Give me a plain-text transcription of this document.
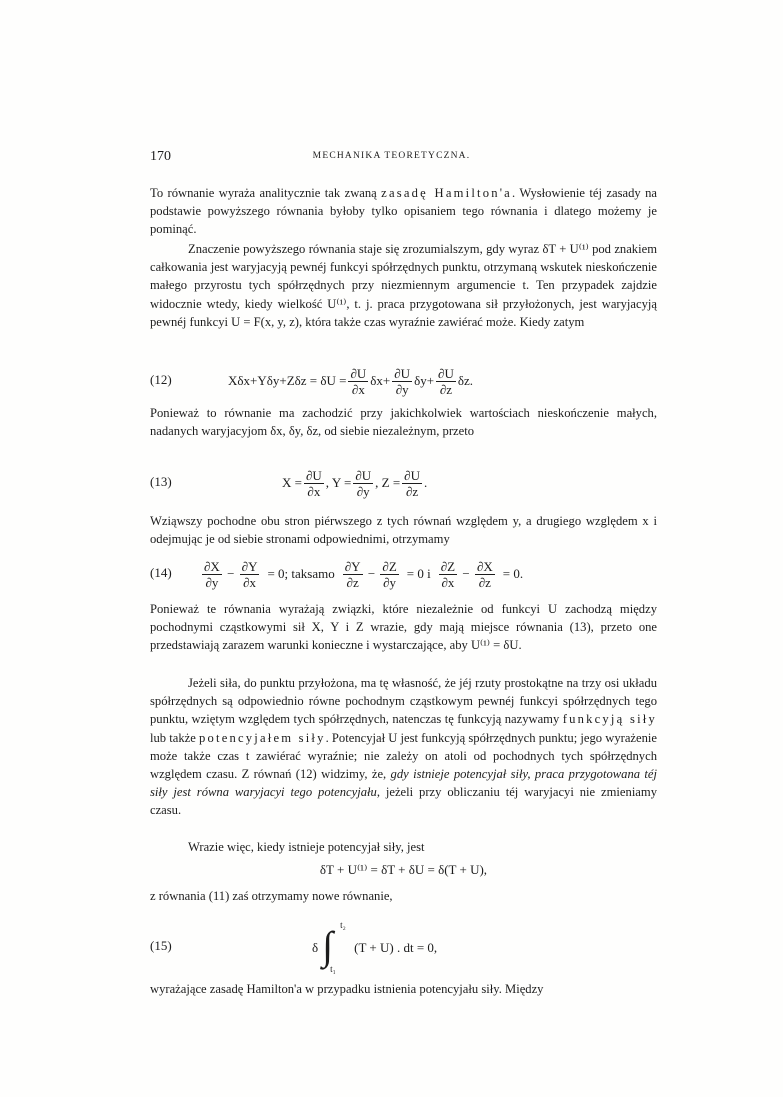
170	MECHANIKA TEORETYCZNA.
To równanie wyraża analitycznie tak zwaną zasadę Hamilton'a. Wysłowienie téj zasady na podstawie powyższego równania byłoby tylko opisaniem tego równania i dlatego możemy je pominąć.
Znaczenie powyższego równania staje się zrozumialszym, gdy wyraz δT + U⁽¹⁾ pod znakiem całkowania jest waryjacyją pewnéj funkcyi spółrzędnych punktu, otrzymaną wskutek nieskończenie małego przyrostu tych spółrzędnych przy niezmiennym argumencie t. Ten przypadek zajdzie widocznie wtedy, kiedy wielkość U⁽¹⁾, t. j. praca przygotowana sił przyłożonych, jest waryjacyją pewnéj funkcyi U = F(x, y, z), która także czas wyraźnie zawiérać może. Kiedy zatym
(12)	$X\delta x+Y\delta y+Z\delta z = \delta U = \frac{\partial U}{\partial x} \delta x+ \frac{\partial U}{\partial y} \delta y+ \frac{\partial U}{\partial z} \delta z$.
Ponieważ to równanie ma zachodzić przy jakichkolwiek wartościach nieskończenie małych, nadanych waryjacyjom δx, δy, δz, od siebie niezależnym, przeto
(13)	$X = \frac{\partial U}{\partial x}$ , $Y = \frac{\partial U}{\partial y}$ , $Z = \frac{\partial U}{\partial z}$ .
Wziąwszy pochodne obu stron piérwszego z tych równań względem y, a drugiego względem x i odejmując je od siebie stronami odpowiednimi, otrzymamy
$(14) \frac{\partial X}{\partial y} - \frac{\partial Y}{\partial x} = 0$; taksamo $\frac{\partial Y}{\partial z} - \frac{\partial Z}{\partial y} = 0$ i $\frac{\partial Z}{\partial x} - \frac{\partial X}{\partial z} = 0$.
Ponieważ te równania wyrażają związki, które niezależnie od funkcyi U zachodzą między pochodnymi cząstkowymi sił X, Y i Z wrazie, gdy mają miejsce równania (13), przeto one przedstawiają zarazem warunki konieczne i wystarczające, aby U⁽¹⁾ = δU.
Jeżeli siła, do punktu przyłożona, ma tę własność, że jéj rzuty prostokątne na trzy osi układu spółrzędnych są odpowiednio równe pochodnym cząstkowym pewnéj funkcyi spółrzędnych tego punktu, wziętym względem tych spółrzędnych, natenczas tę funkcyją nazywamy funkcyją siły lub także potencyjałem siły. Potencyjał U jest funkcyją spółrzędnych punktu; jego wyrażenie może także czas t zawiérać wyraźnie; nie zależy on atoli od pochodnych tych spółrzędnych względem czasu. Z równań (12) widzimy, że, gdy istnieje potencyjał siły, praca przygotowana téj siły jest równa waryjacyi tego potencyjału, jeżeli przy obliczaniu téj waryjacyi nie zmieniamy czasu.
Wrazie więc, kiedy istnieje potencyjał siły, jest
δT + U⁽¹⁾ = δT + δU = δ(T + U),
z równania (11) zaś otrzymamy nowe równanie,
(15)	δ ∫ t₂
t₁
(T + U) . dt = 0,
wyrażające zasadę Hamilton'a w przypadku istnienia potencyjału siły. Między
